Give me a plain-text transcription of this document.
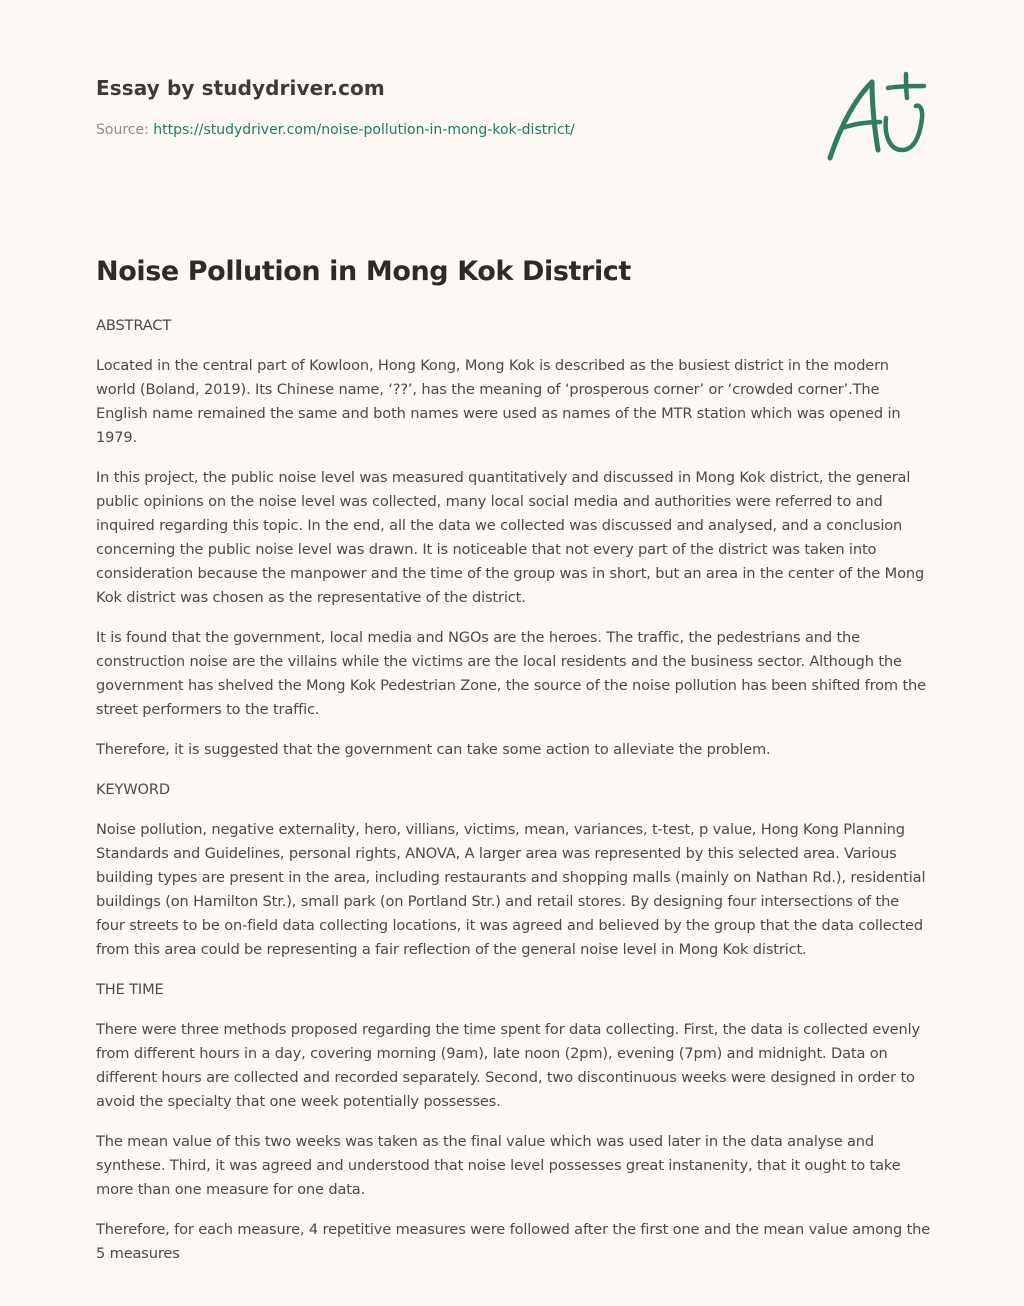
Essay by studydriver.com
Source: https://studydriver.com/noise-pollution-in-mong-kok-district/
Noise Pollution in Mong Kok District

ABSTRACT

Located in the central part of Kowloon, Hong Kong, Mong Kok is described as the busiest district in the modern world (Boland, 2019). Its Chinese name, ‘??’, has the meaning of ‘prosperous corner’ or ‘crowded corner’.The English name remained the same and both names were used as names of the MTR station which was opened in 1979.

In this project, the public noise level was measured quantitatively and discussed in Mong Kok district, the general public opinions on the noise level was collected, many local social media and authorities were referred to and inquired regarding this topic. In the end, all the data we collected was discussed and analysed, and a conclusion concerning the public noise level was drawn. It is noticeable that not every part of the district was taken into consideration because the manpower and the time of the group was in short, but an area in the center of the Mong Kok district was chosen as the representative of the district.

It is found that the government, local media and NGOs are the heroes. The traffic, the pedestrians and the construction noise are the villains while the victims are the local residents and the business sector. Although the government has shelved the Mong Kok Pedestrian Zone, the source of the noise pollution has been shifted from the street performers to the traffic.

Therefore, it is suggested that the government can take some action to alleviate the problem.

KEYWORD

Noise pollution, negative externality, hero, villians, victims, mean, variances, t-test, p value, Hong Kong Planning Standards and Guidelines, personal rights, ANOVA, A larger area was represented by this selected area. Various building types are present in the area, including restaurants and shopping malls (mainly on Nathan Rd.), residential buildings (on Hamilton Str.), small park (on Portland Str.) and retail stores. By designing four intersections of the four streets to be on-field data collecting locations, it was agreed and believed by the group that the data collected from this area could be representing a fair reflection of the general noise level in Mong Kok district.

THE TIME

There were three methods proposed regarding the time spent for data collecting. First, the data is collected evenly from different hours in a day, covering morning (9am), late noon (2pm), evening (7pm) and midnight. Data on different hours are collected and recorded separately. Second, two discontinuous weeks were designed in order to avoid the specialty that one week potentially possesses.

The mean value of this two weeks was taken as the final value which was used later in the data analyse and synthese. Third, it was agreed and understood that noise level possesses great instanenity, that it ought to take more than one measure for one data.

Therefore, for each measure, 4 repetitive measures were followed after the first one and the mean value among the 5 measures
